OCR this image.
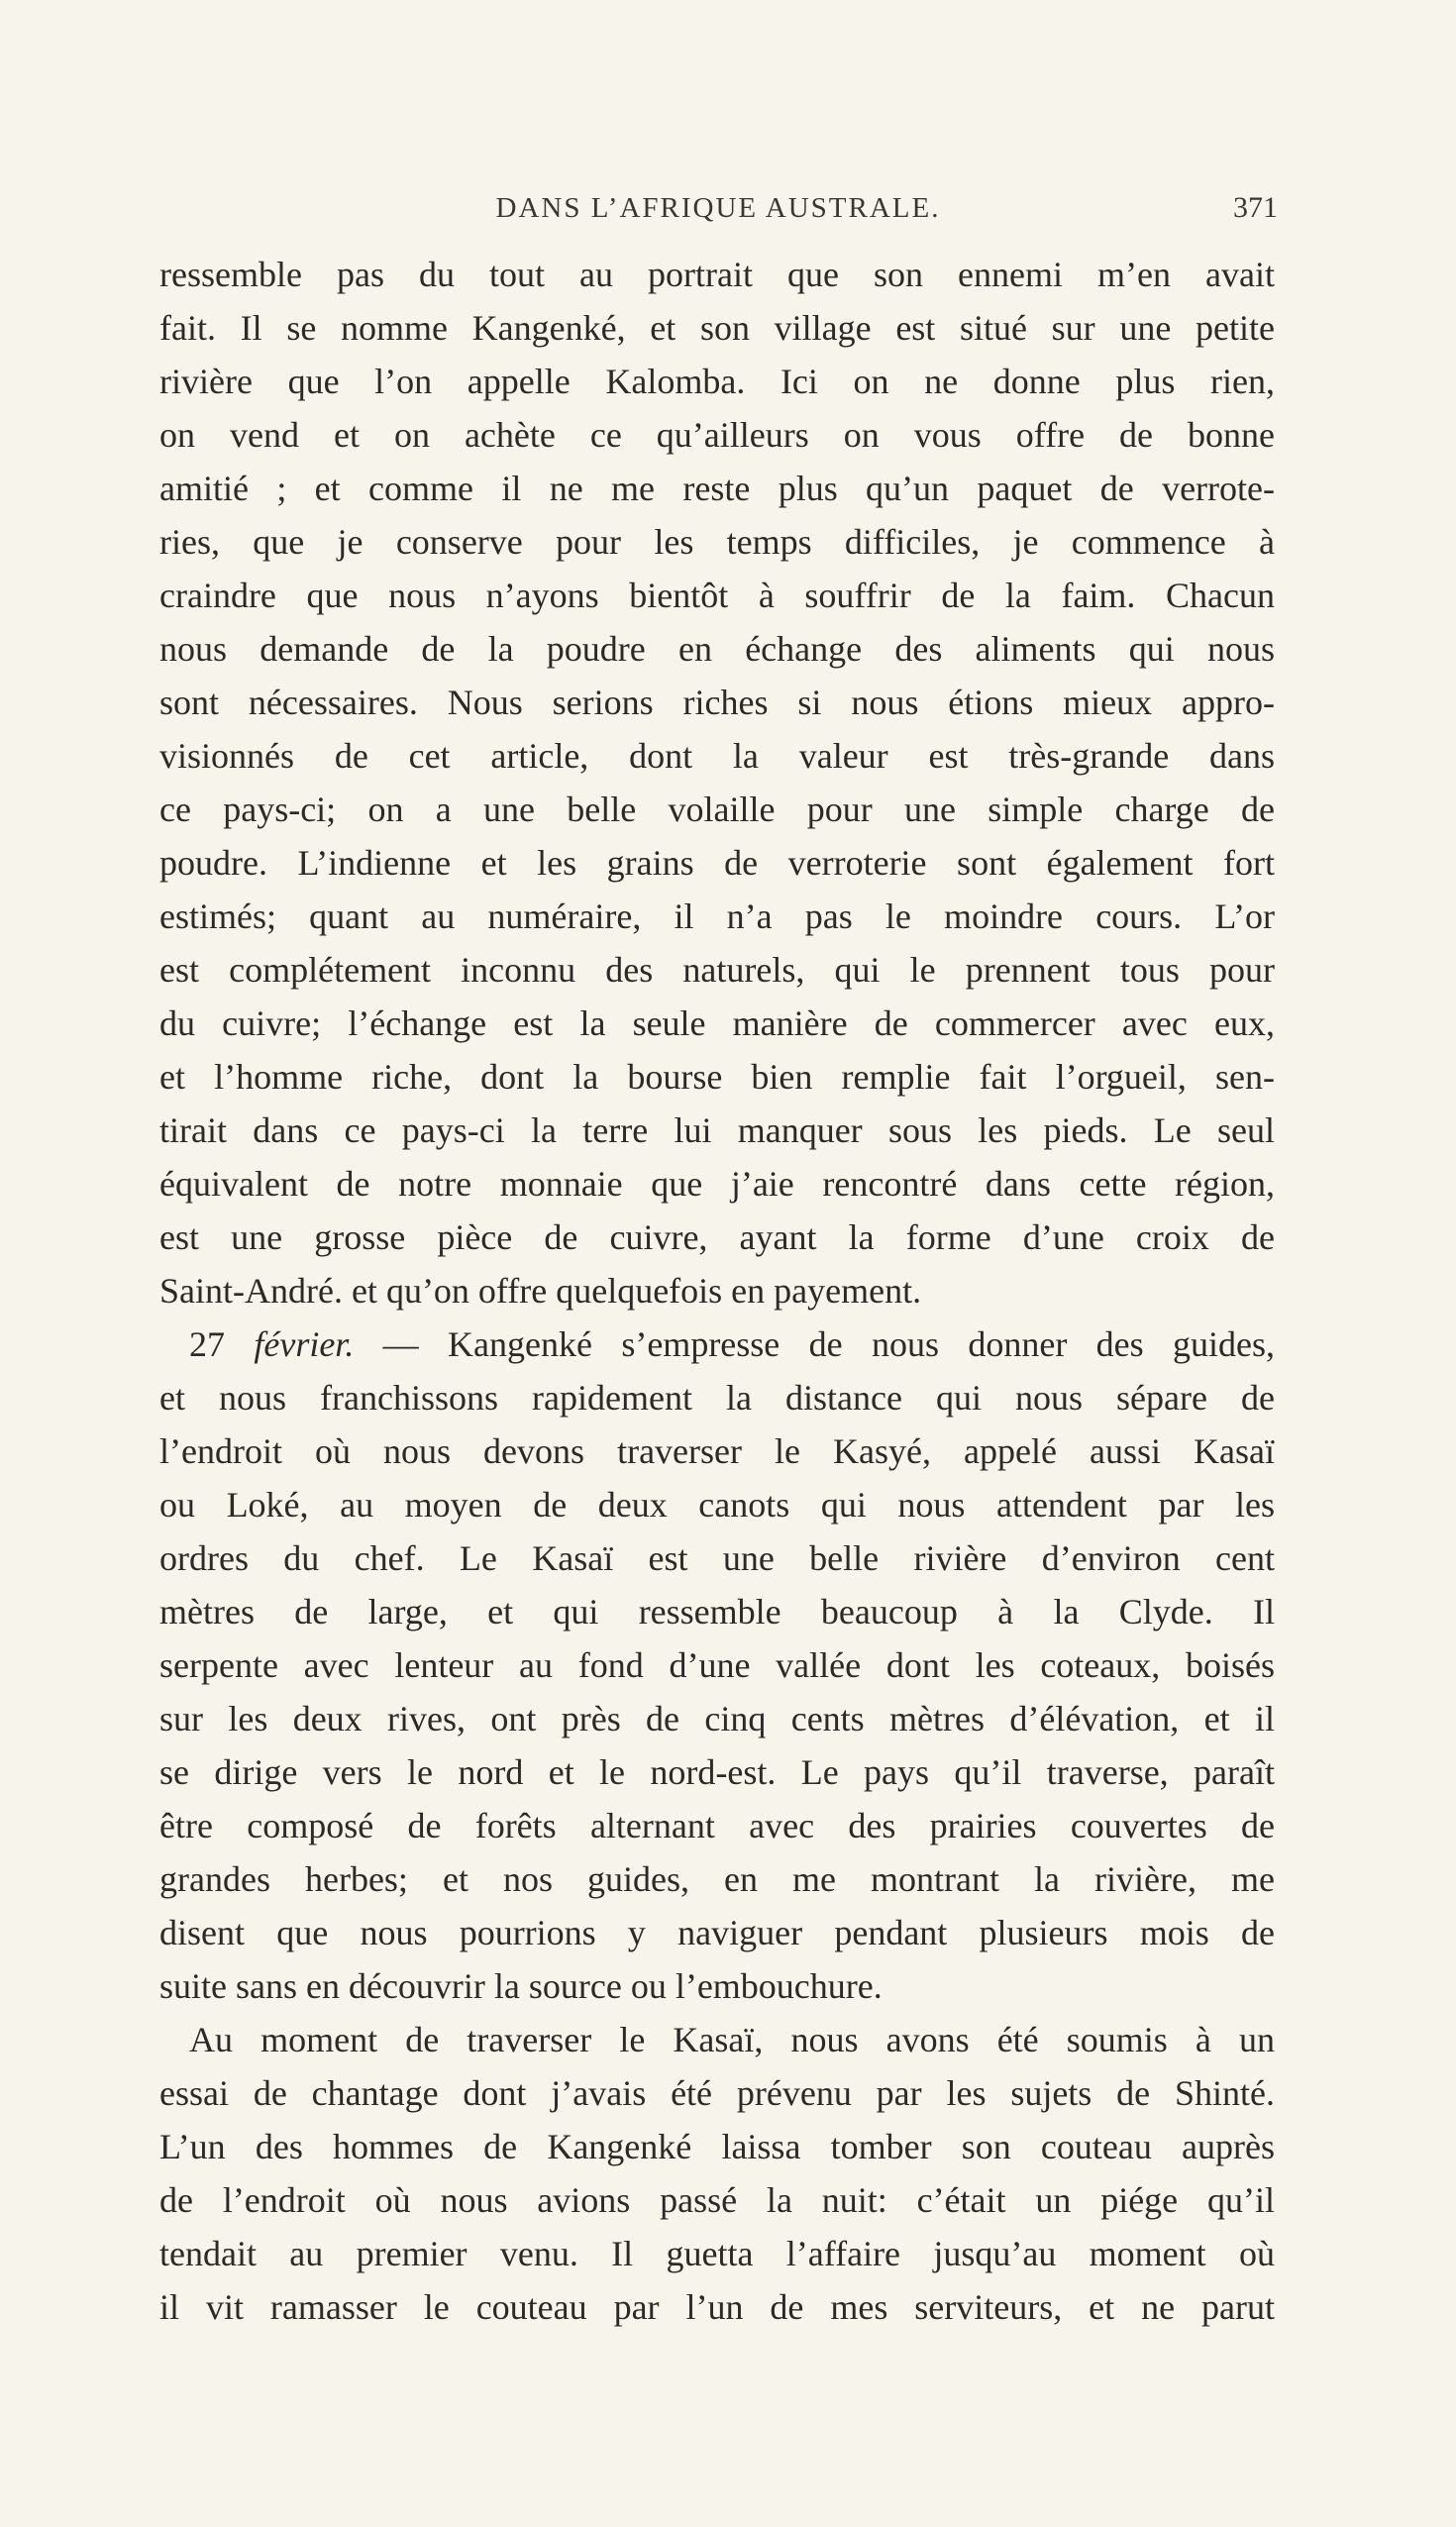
DANS L’AFRIQUE AUSTRALE.	371
ressemble pas du tout au portrait que son ennemi m’en avait
fait. Il se nomme Kangenké, et son village est situé sur une petite
rivière que l’on appelle Kalomba. Ici on ne donne plus rien,
on vend et on achète ce qu’ailleurs on vous offre de bonne
amitié ; et comme il ne me reste plus qu’un paquet de verrote-
ries, que je conserve pour les temps difficiles, je commence à
craindre que nous n’ayons bientôt à souffrir de la faim. Chacun
nous demande de la poudre en échange des aliments qui nous
sont nécessaires. Nous serions riches si nous étions mieux appro-
visionnés de cet article, dont la valeur est très-grande dans
ce pays-ci; on a une belle volaille pour une simple charge de
poudre. L’indienne et les grains de verroterie sont également fort
estimés; quant au numéraire, il n’a pas le moindre cours. L’or
est complétement inconnu des naturels, qui le prennent tous pour
du cuivre; l’échange est la seule manière de commercer avec eux,
et l’homme riche, dont la bourse bien remplie fait l’orgueil, sen-
tirait dans ce pays-ci la terre lui manquer sous les pieds. Le seul
équivalent de notre monnaie que j’aie rencontré dans cette région,
est une grosse pièce de cuivre, ayant la forme d’une croix de
Saint-André. et qu’on offre quelquefois en payement.
27 février. — Kangenké s’empresse de nous donner des guides,
et nous franchissons rapidement la distance qui nous sépare de
l’endroit où nous devons traverser le Kasyé, appelé aussi Kasaï
ou Loké, au moyen de deux canots qui nous attendent par les
ordres du chef. Le Kasaï est une belle rivière d’environ cent
mètres de large, et qui ressemble beaucoup à la Clyde. Il
serpente avec lenteur au fond d’une vallée dont les coteaux, boisés
sur les deux rives, ont près de cinq cents mètres d’élévation, et il
se dirige vers le nord et le nord-est. Le pays qu’il traverse, paraît
être composé de forêts alternant avec des prairies couvertes de
grandes herbes; et nos guides, en me montrant la rivière, me
disent que nous pourrions y naviguer pendant plusieurs mois de
suite sans en découvrir la source ou l’embouchure.
Au moment de traverser le Kasaï, nous avons été soumis à un
essai de chantage dont j’avais été prévenu par les sujets de Shinté.
L’un des hommes de Kangenké laissa tomber son couteau auprès
de l’endroit où nous avions passé la nuit: c’était un piége qu’il
tendait au premier venu. Il guetta l’affaire jusqu’au moment où
il vit ramasser le couteau par l’un de mes serviteurs, et ne parut
